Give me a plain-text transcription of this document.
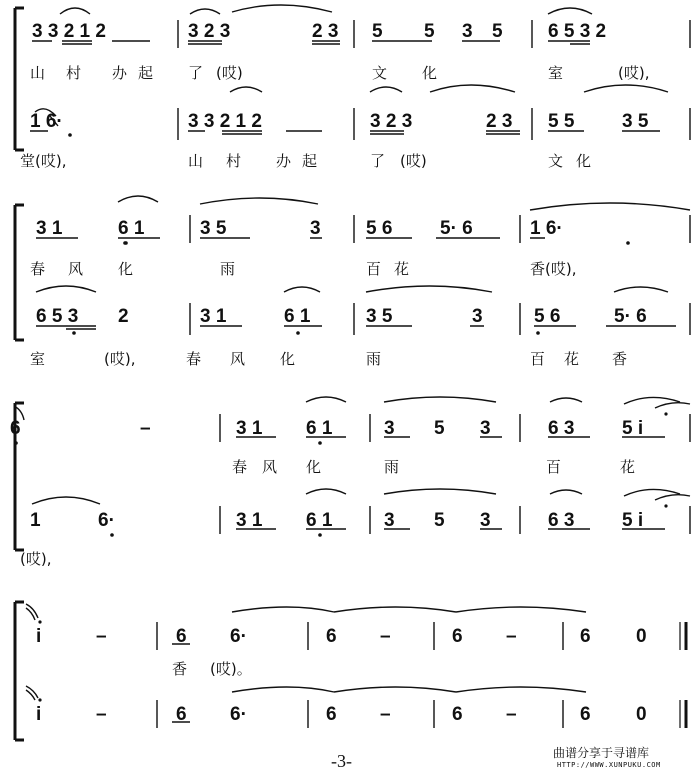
3 3 2 1 2	3 2 3	2 3 5 5 3 5 6 5 3 2
山 村 办 起 了 (哎)	文 化	室	(哎),
1 6·	3 3 2 1 2	3 2 3	2 3 5 5	3 5
堂(哎),	山 村 办 起	了 (哎)	文 化
3 1	6 1	3 5	3 5 6	5· 6	1 6·
春 风 化	雨	百 花	香(哎),
6 5 3 2	3 1	6 1	3 5	3	5 6	5· 6
室	(哎),	春 风 化	雨	百 花 香
6	–	3 1 6 1	3 5 3	6 3	5 i
春 风 化	雨	百	花
1	6·	3 1 6 1	3 5 3	6 3	5 i
(哎),
i	–	6 6·	6 –	6 –	6 0
香 (哎)。
i	–	6 6·	6 –	6 –	6 0
-3-	曲谱分享于寻谱库
HTTP://WWW.XUNPUKU.COM
